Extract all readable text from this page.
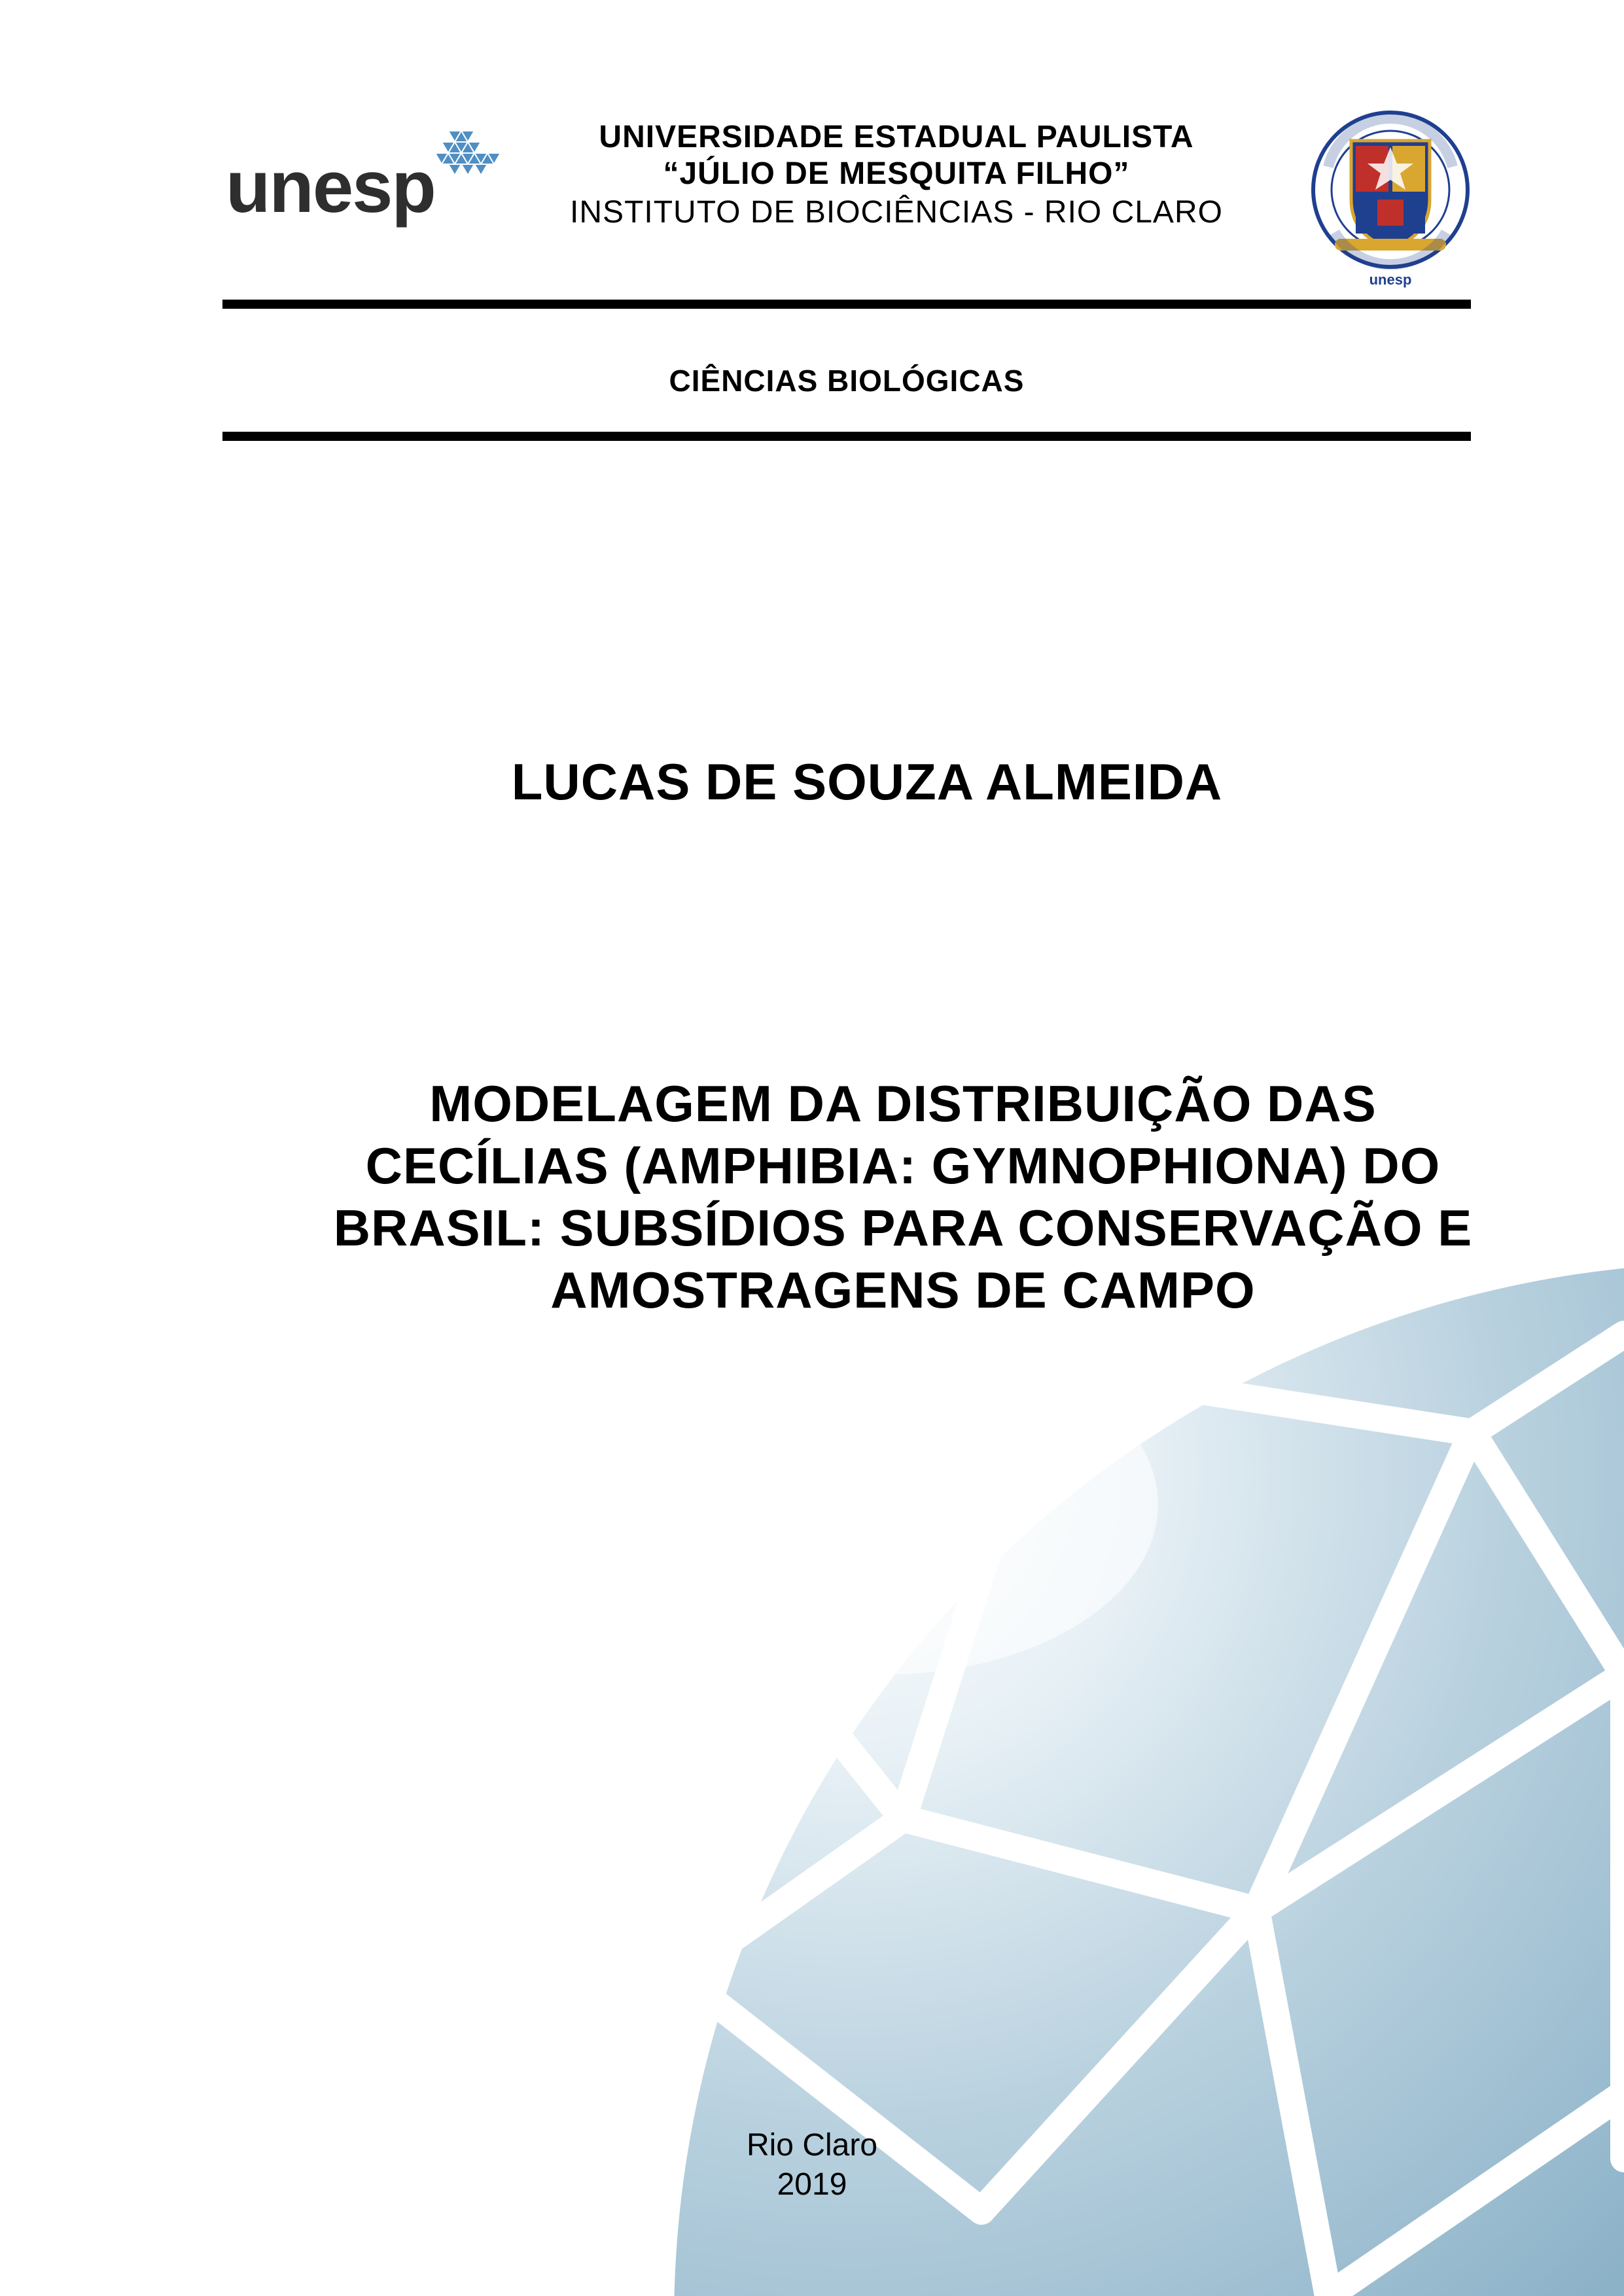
unesp
UNIVERSIDADE ESTADUAL PAULISTA
“JÚLIO DE MESQUITA FILHO”
INSTITUTO DE BIOCIÊNCIAS - RIO CLARO
unesp
CIÊNCIAS BIOLÓGICAS
LUCAS DE SOUZA ALMEIDA
MODELAGEM DA DISTRIBUIÇÃO DAS
CECÍLIAS (AMPHIBIA: GYMNOPHIONA) DO
BRASIL: SUBSÍDIOS PARA CONSERVAÇÃO E
AMOSTRAGENS DE CAMPO
Rio Claro
2019
